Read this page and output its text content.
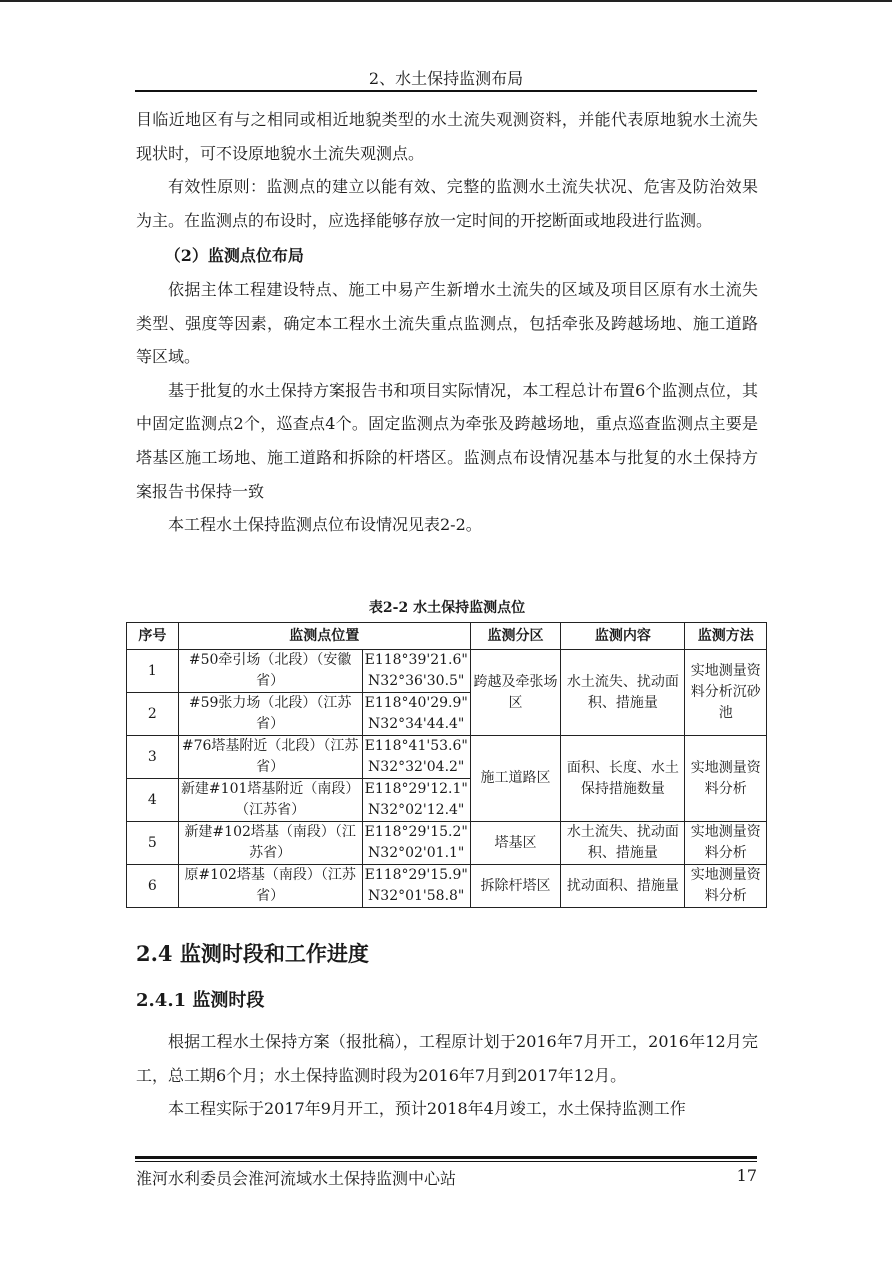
2、水土保持监测布局

目临近地区有与之相同或相近地貌类型的水土流失观测资料，并能代表原地貌水土流失现状时，可不设原地貌水土流失观测点。

有效性原则：监测点的建立以能有效、完整的监测水土流失状况、危害及防治效果为主。在监测点的布设时，应选择能够存放一定时间的开挖断面或地段进行监测。

（2）监测点位布局

依据主体工程建设特点、施工中易产生新增水土流失的区域及项目区原有水土流失类型、强度等因素，确定本工程水土流失重点监测点，包括牵张及跨越场地、施工道路等区域。

基于批复的水土保持方案报告书和项目实际情况，本工程总计布置6个监测点位，其中固定监测点2个，巡查点4个。固定监测点为牵张及跨越场地，重点巡查监测点主要是塔基区施工场地、施工道路和拆除的杆塔区。监测点布设情况基本与批复的水土保持方案报告书保持一致

本工程水土保持监测点位布设情况见表2-2。

表2-2 水土保持监测点位
序号	监测点位置		监测分区	监测内容	监测方法
1	#50牵引场（北段）（安徽省）	E118°39'21.6" N32°36'30.5"	跨越及牵张场区	水土流失、扰动面积、措施量	实地测量资料分析沉砂池
2	#59张力场（北段）（江苏省）	E118°40'29.9" N32°34'44.4"			
3	#76塔基附近（北段）（江苏省）	E118°41'53.6" N32°32'04.2"	施工道路区	面积、长度、水土保持措施数量	实地测量资料分析
4	新建#101塔基附近（南段）（江苏省）	E118°29'12.1" N32°02'12.4"			
5	新建#102塔基（南段）（江苏省）	E118°29'15.2" N32°02'01.1"	塔基区	水土流失、扰动面积、措施量	实地测量资料分析
6	原#102塔基（南段）（江苏省）	E118°29'15.9" N32°01'58.8"	拆除杆塔区	扰动面积、措施量	实地测量资料分析
2.4 监测时段和工作进度
2.4.1 监测时段

根据工程水土保持方案（报批稿），工程原计划于2016年7月开工，2016年12月完工，总工期6个月；水土保持监测时段为2016年7月到2017年12月。

本工程实际于2017年9月开工，预计2018年4月竣工，水土保持监测工作

淮河水利委员会淮河流域水土保持监测中心站	17
